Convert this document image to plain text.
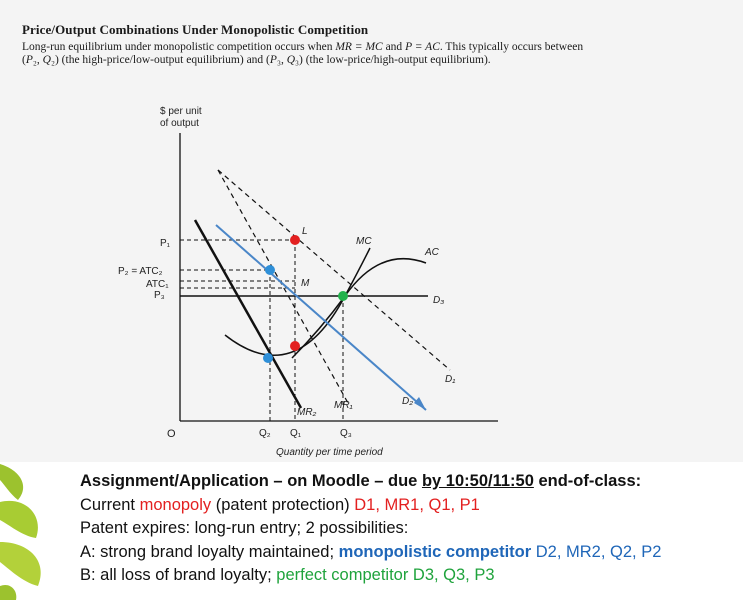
Price/Output Combinations Under Monopolistic Competition
Long-run equilibrium under monopolistic competition occurs when MR = MC and P = AC. This typically occurs between (P₂, Q₂) (the high-price/low-output equilibrium) and (P₃, Q₃) (the low-price/high-output equilibrium).
$ per unit
of output
Quantity per time period
O
P₁
P₂ = ATC₂
ATC₁
P₃
Q₂ Q₁	Q₃
MC
AC
D₃
D₁
D₂
MR₂
MR₁
L
M
Assignment/Application – on Moodle – due by 10:50/11:50 end-of-class:
Current monopoly (patent protection) D1, MR1, Q1, P1
Patent expires: long-run entry; 2 possibilities:
A: strong brand loyalty maintained; monopolistic competitor D2, MR2, Q2, P2
B: all loss of brand loyalty; perfect competitor D3, Q3, P3
